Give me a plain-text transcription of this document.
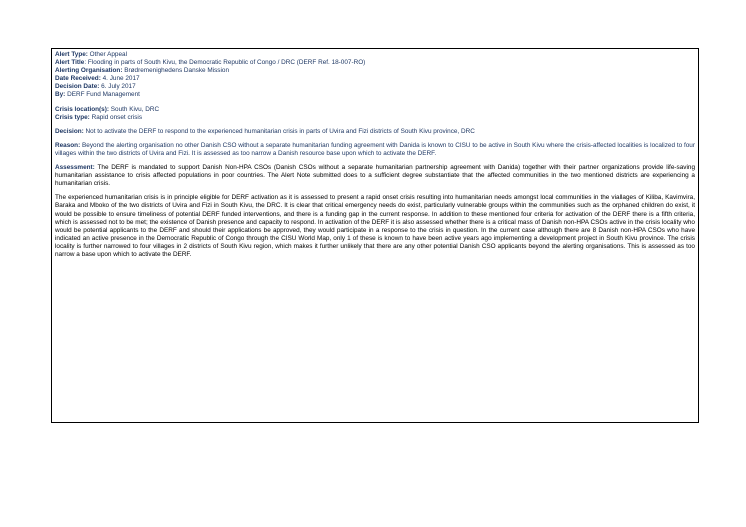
Alert Type: Other Appeal
Alert Title: Flooding in parts of South Kivu, the Democratic Republic of Congo / DRC (DERF Ref. 18-007-RO)
Alerting Organisation: Brødremenighedens Danske Mission
Date Received: 4. June 2017
Decision Date: 6. July 2017
By: DERF Fund Management
Crisis location(s): South Kivu, DRC
Crisis type: Rapid onset crisis

Decision: Not to activate the DERF to respond to the experienced humanitarian crisis in parts of Uvira and Fizi districts of South Kivu province, DRC

Reason: Beyond the alerting organisation no other Danish CSO without a separate humanitarian funding agreement with Danida is known to CISU to be active in South Kivu where the crisis-affected localities is localized to four villages within the two districts of Uvira and Fizi. It is assessed as too narrow a Danish resource base upon which to activate the DERF.

Assessment: The DERF is mandated to support Danish Non-HPA CSOs (Danish CSOs without a separate humanitarian partnership agreement with Danida) together with their partner organizations provide life-saving humanitarian assistance to crisis affected populations in poor countries. The Alert Note submitted does to a sufficient degree substantiate that the affected communities in the two mentioned districts are experiencing a humanitarian crisis.

The experienced humanitarian crisis is in principle eligible for DERF activation as it is assessed to present a rapid onset crisis resulting into humanitarian needs amongst local communities in the viallages of Kiliba, Kavimvira, Baraka and Mboko of the two districts of Uvira and Fizi in South Kivu, the DRC. It is clear that critical emergency needs do exist, particularly vulnerable groups within the communities such as the orphaned children do exist, it would be possible to ensure timeliness of potential DERF funded interventions, and there is a funding gap in the current response. In addition to these mentioned four criteria for activation of the DERF there is a fifth criteria, which is assessed not to be met; the existence of Danish presence and capacity to respond. In activation of the DERF it is also assessed whether there is a critical mass of Danish non-HPA CSOs active in the crisis locality who would be potential applicants to the DERF and should their applications be approved, they would participate in a response to the crisis in question. In the current case although there are 8 Danish non-HPA CSOs who have indicated an active presence in the Democratic Republic of Congo through the CISU World Map, only 1 of these is known to have been active years ago implementing a development project in South Kivu province. The crisis locality is further narrowed to four villages in 2 districts of South Kivu region, which makes it further unlikely that there are any other potential Danish CSO applicants beyond the alerting organisations. This is assessed as too narrow a base upon which to activate the DERF.
